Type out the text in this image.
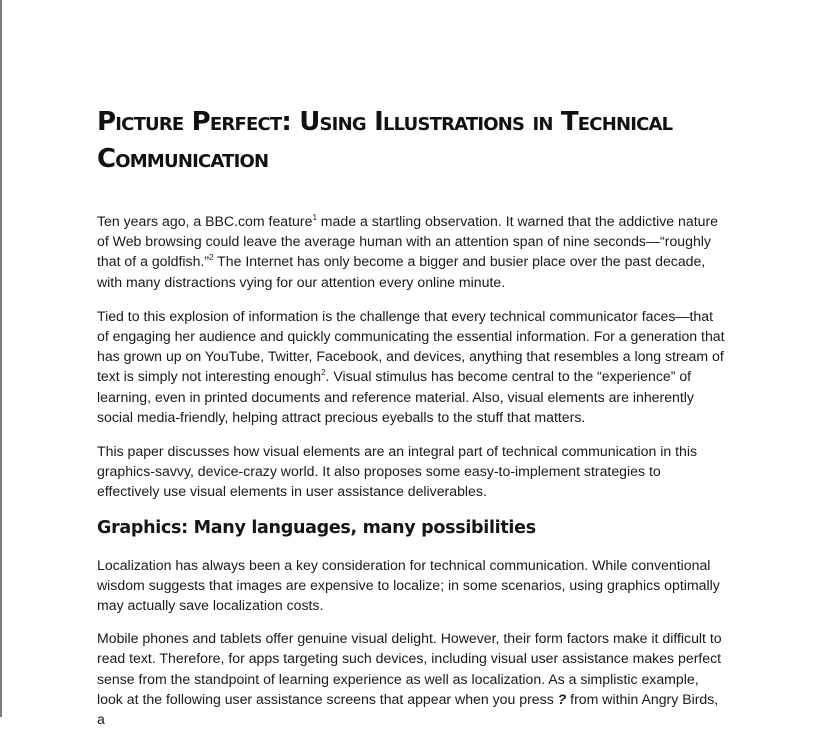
Picture Perfect: Using Illustrations in Technical
Communication

Ten years ago, a BBC.com feature$^1$ made a startling observation. It warned that the addictive nature of Web browsing could leave the average human with an attention span of nine seconds—“roughly that of a goldfish.”$^2$ The Internet has only become a bigger and busier place over the past decade, with many distractions vying for our attention every online minute.

Tied to this explosion of information is the challenge that every technical communicator faces—that of engaging her audience and quickly communicating the essential information. For a generation that has grown up on YouTube, Twitter, Facebook, and devices, anything that resembles a long stream of text is simply not interesting enough$^2$. Visual stimulus has become central to the “experience” of learning, even in printed documents and reference material. Also, visual elements are inherently social media-friendly, helping attract precious eyeballs to the stuff that matters.

This paper discusses how visual elements are an integral part of technical communication in this graphics-savvy, device-crazy world. It also proposes some easy-to-implement strategies to effectively use visual elements in user assistance deliverables.

Graphics: Many languages, many possibilities

Localization has always been a key consideration for technical communication. While conventional wisdom suggests that images are expensive to localize; in some scenarios, using graphics optimally may actually save localization costs.

Mobile phones and tablets offer genuine visual delight. However, their form factors make it difficult to read text. Therefore, for apps targeting such devices, including visual user assistance makes perfect sense from the standpoint of learning experience as well as localization. As a simplistic example, look at the following user assistance screens that appear when you press ? from within Angry Birds, a
